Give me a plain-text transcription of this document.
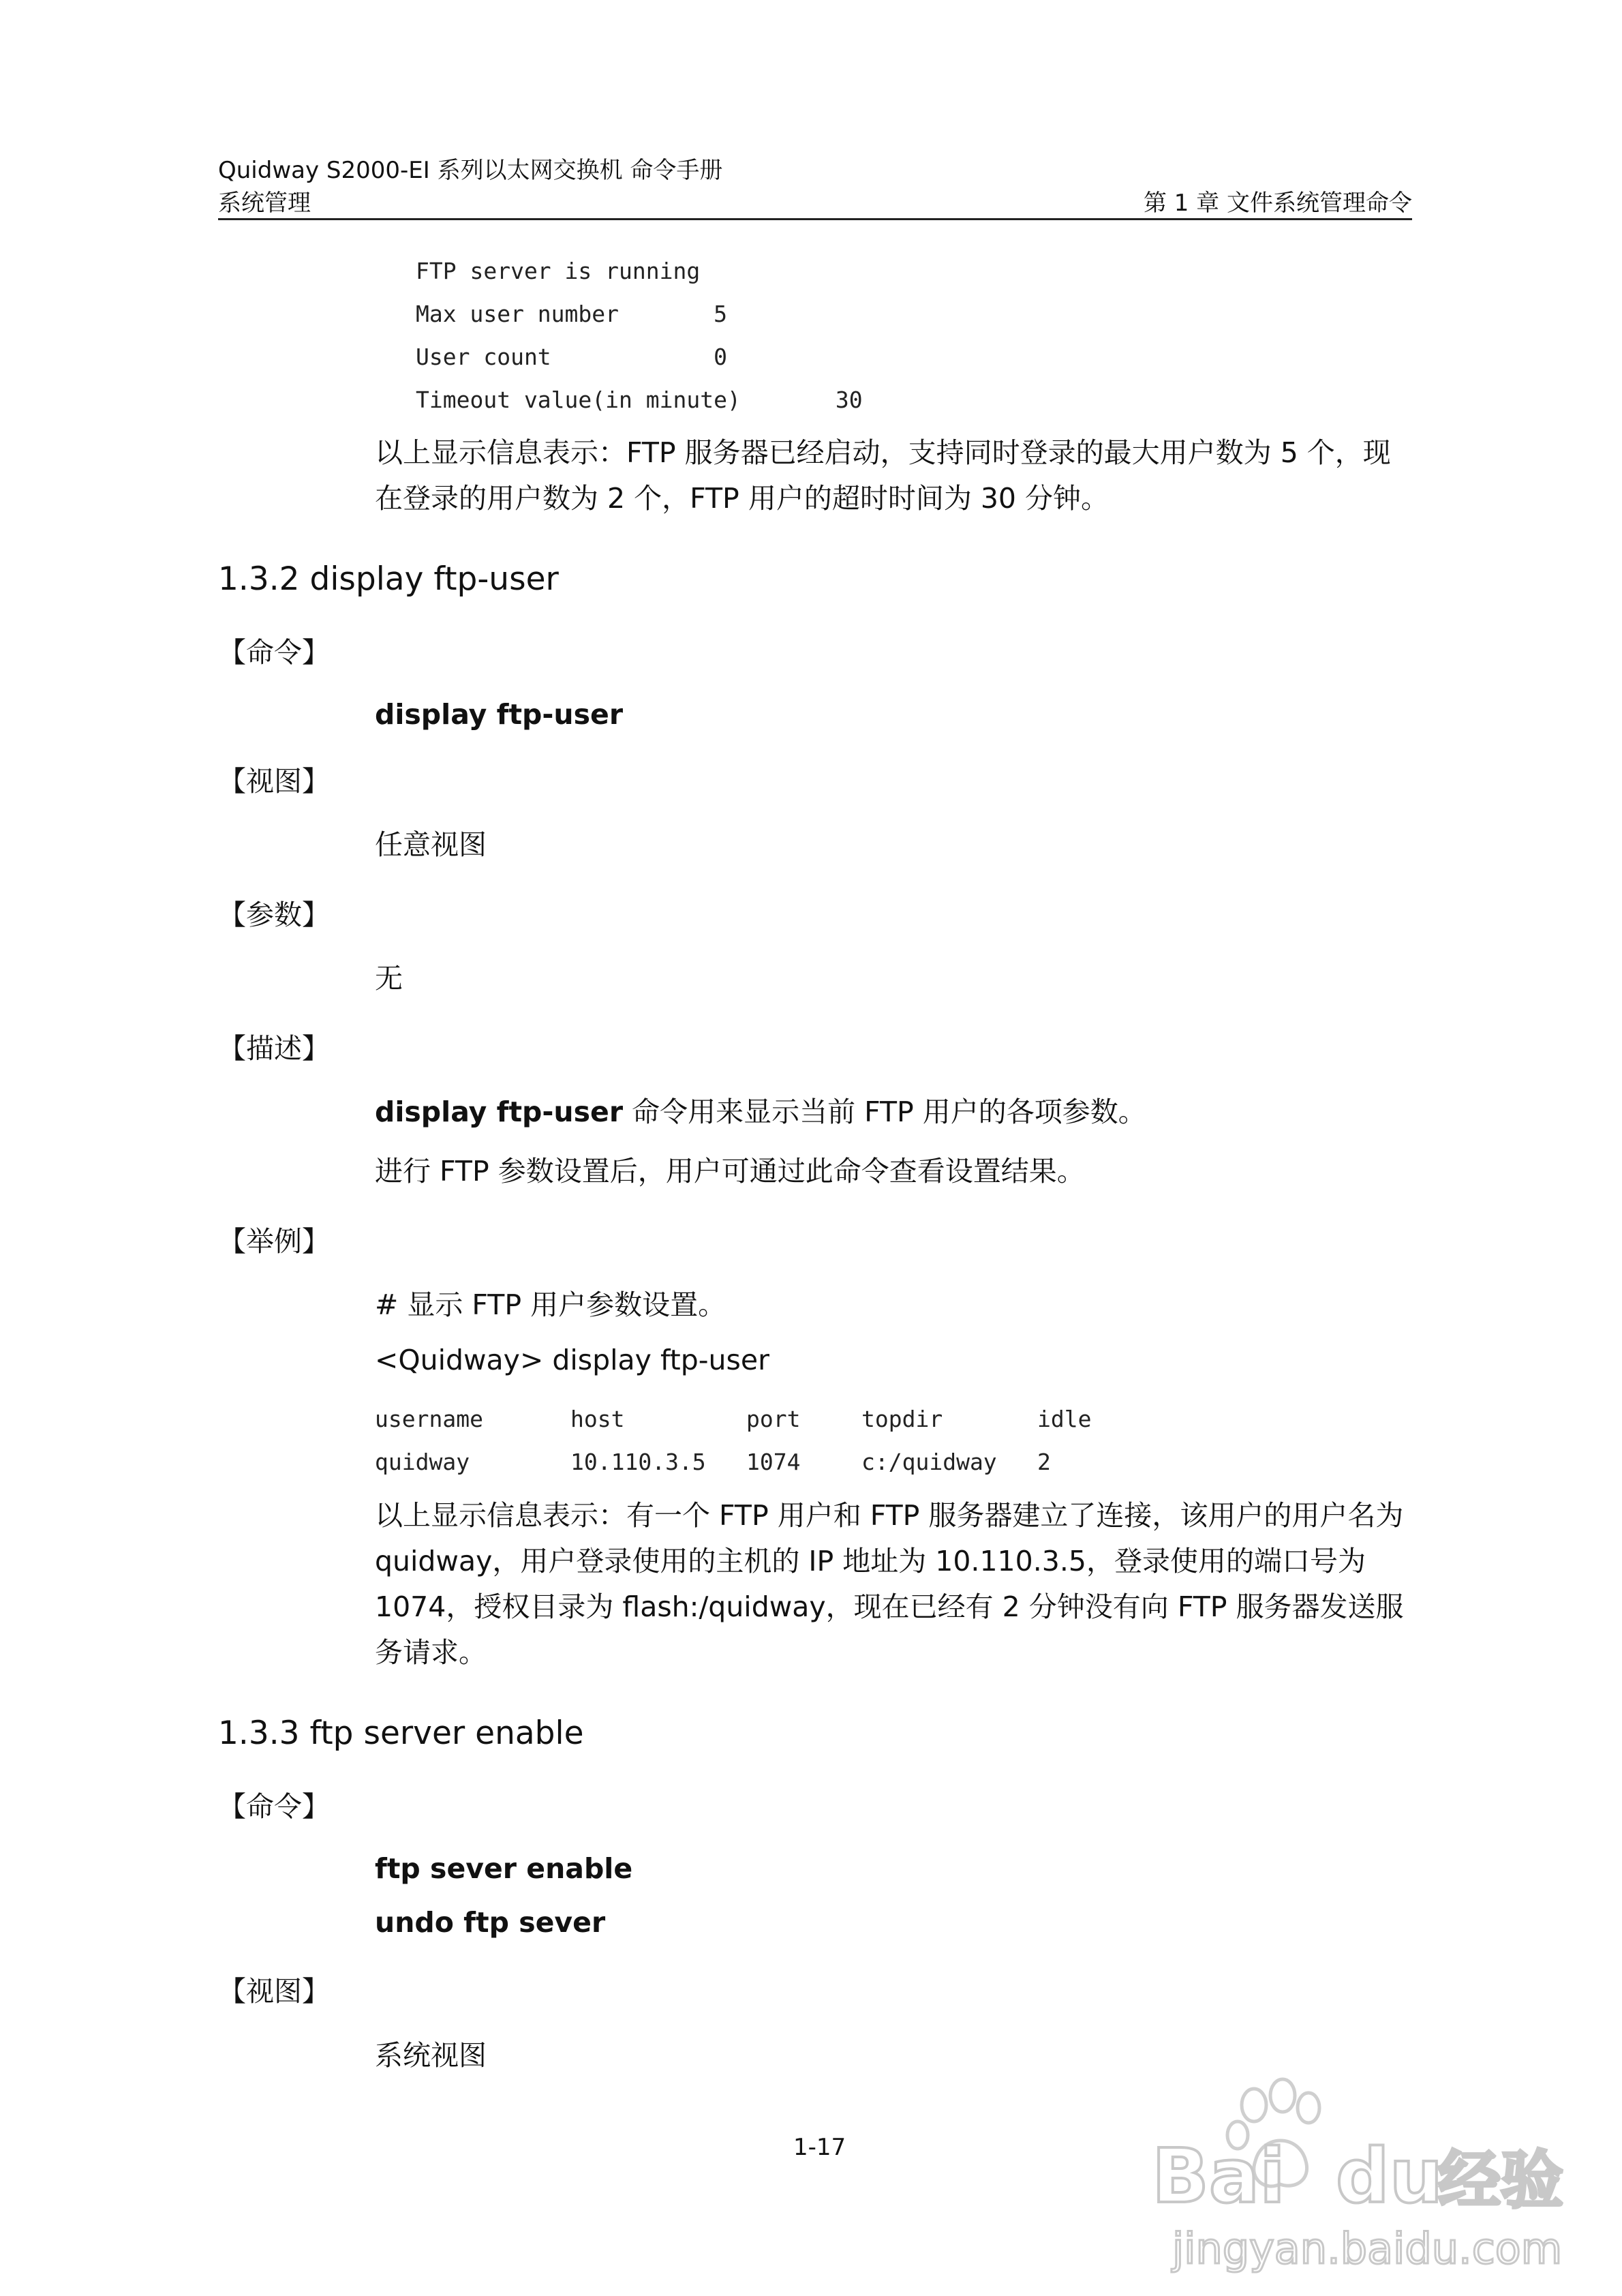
Quidway S2000-EI 系列以太网交换机 命令手册
系统管理	第 1 章 文件系统管理命令
FTP server is running
Max user number       5
User count            0
Timeout value(in minute)       30
以上显示信息表示：FTP 服务器已经启动，支持同时登录的最大用户数为 5 个，现在登录的用户数为 2 个，FTP 用户的超时时间为 30 分钟。
1.3.2 display ftp-user
【命令】
display ftp-user
【视图】
任意视图
【参数】
无
【描述】
display ftp-user 命令用来显示当前 FTP 用户的各项参数。
进行 FTP 参数设置后，用户可通过此命令查看设置结果。
【举例】
# 显示 FTP 用户参数设置。
<Quidway> display ftp-user
username	host	port	topdir	idle
quidway	10.110.3.5 1074	c:/quidway 2
以上显示信息表示：有一个 FTP 用户和 FTP 服务器建立了连接，该用户的用户名为 quidway，用户登录使用的主机的 IP 地址为 10.110.3.5，登录使用的端口号为 1074，授权目录为 flash:/quidway，现在已经有 2 分钟没有向 FTP 服务器发送服务请求。
1.3.3 ftp server enable
【命令】
ftp sever enable
undo ftp sever
【视图】
系统视图
1-17	Bai du
经验
jingyan.baidu.com
